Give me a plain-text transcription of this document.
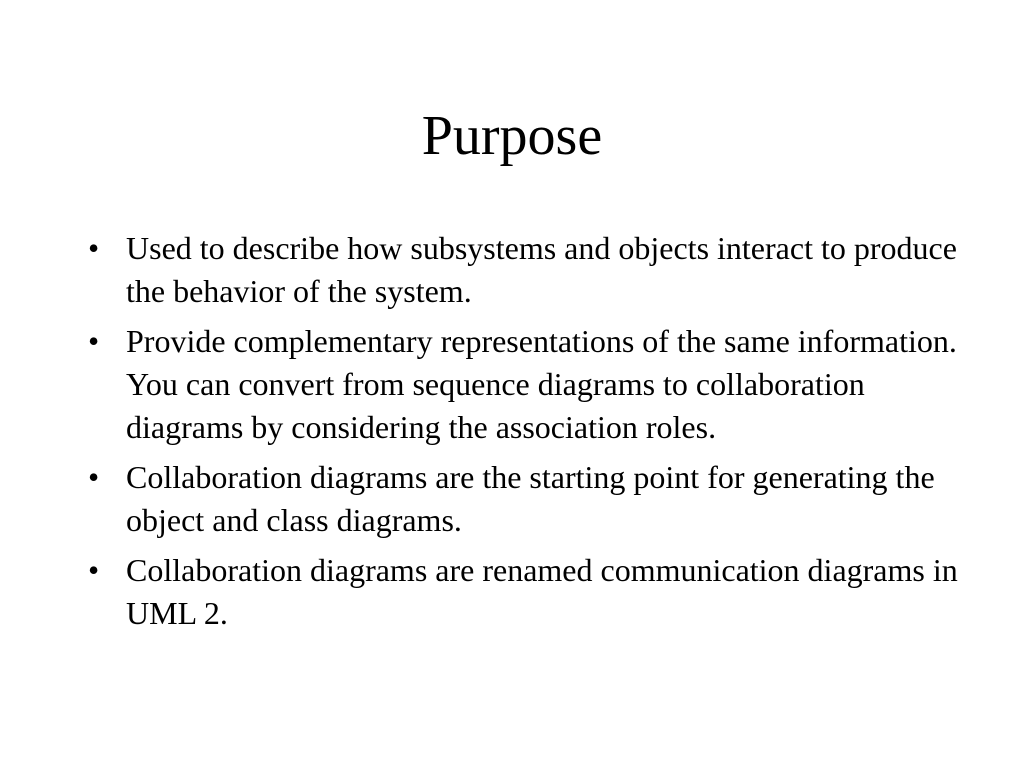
Purpose
• Used to describe how subsystems and objects interact to produce the behavior of the system.
• Provide complementary representations of the same information. You can convert from sequence diagrams to collaboration diagrams by considering the association roles.
• Collaboration diagrams are the starting point for generating the object and class diagrams.
• Collaboration diagrams are renamed communication diagrams in UML 2.
